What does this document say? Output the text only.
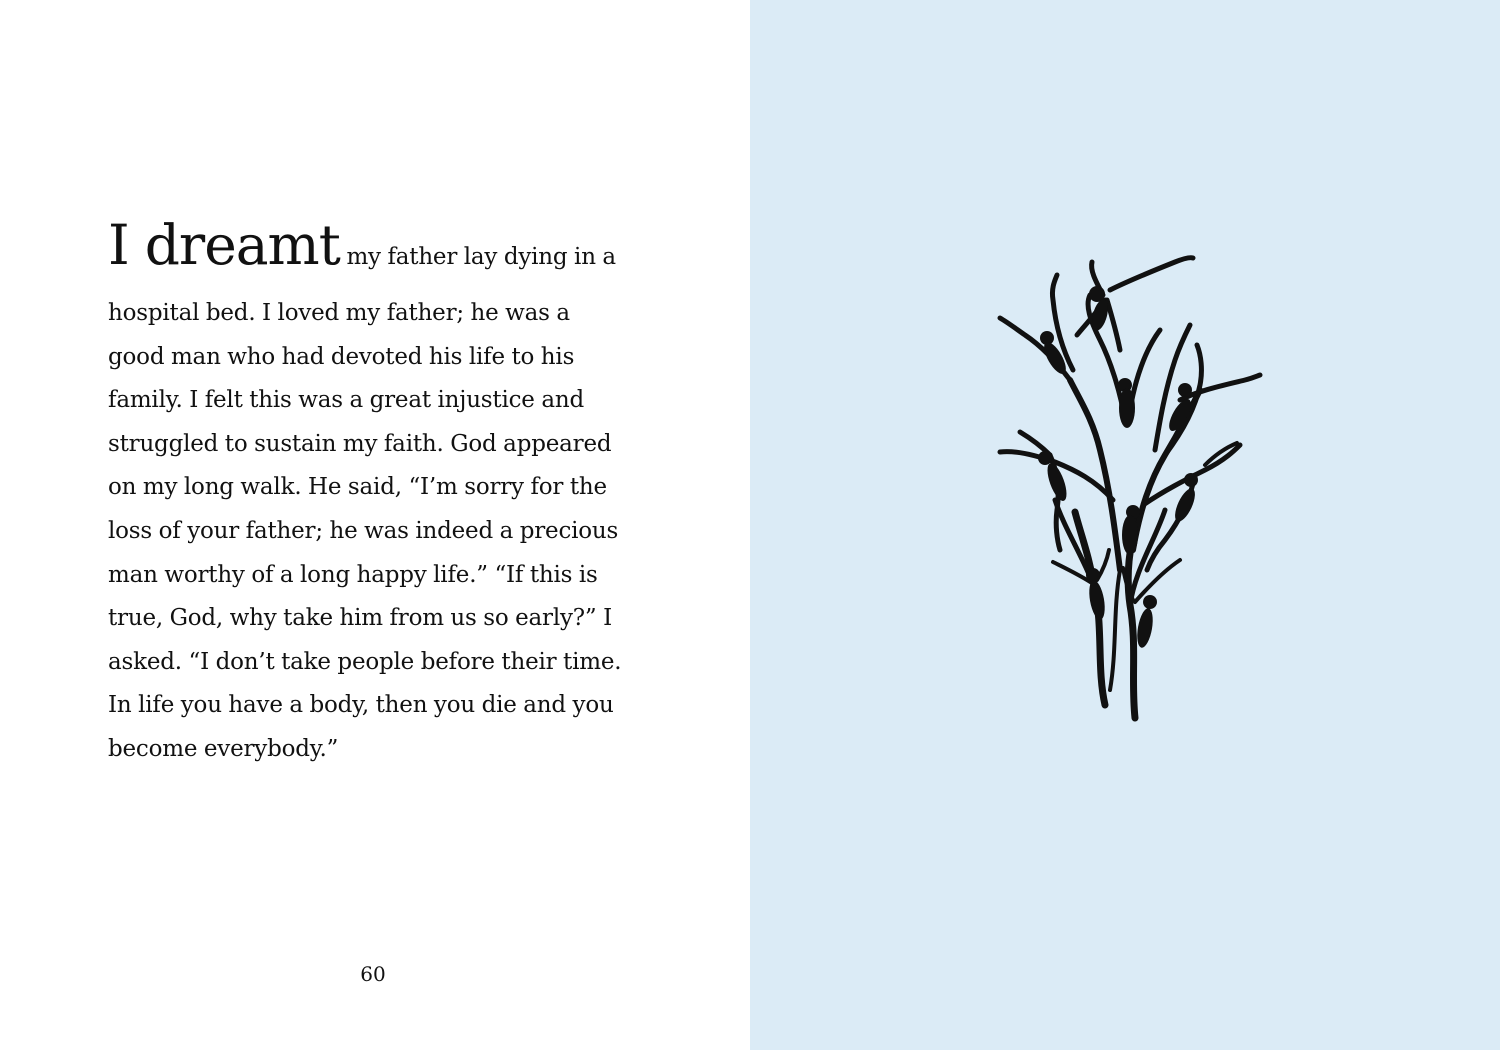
I dreamt my father lay dying in a
hospital bed. I loved my father; he was a
good man who had devoted his life to his
family. I felt this was a great injustice and
struggled to sustain my faith. God appeared
on my long walk. He said, “I’m sorry for the
loss of your father; he was indeed a precious
man worthy of a long happy life.” “If this is
true, God, why take him from us so early?” I
asked. “I don’t take people before their time.
In life you have a body, then you die and you
become everybody.”

60
